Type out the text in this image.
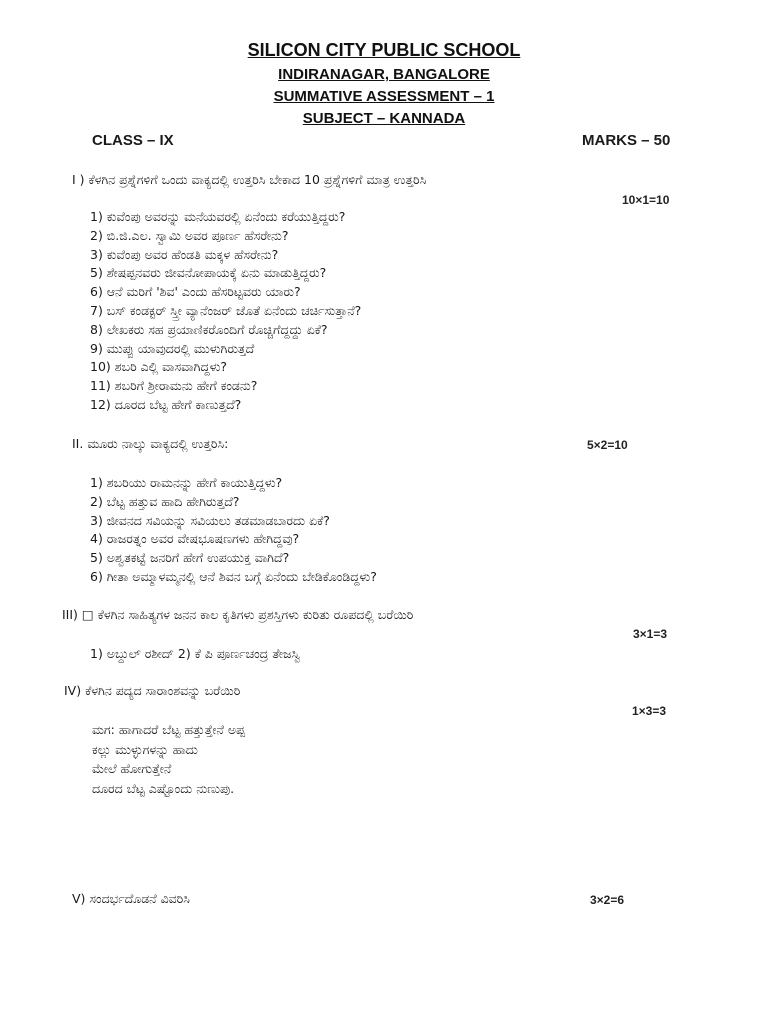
SILICON CITY PUBLIC SCHOOL
INDIRANAGAR, BANGALORE
SUMMATIVE ASSESSMENT – 1
SUBJECT – KANNADA
CLASS – IX	MARKS – 50
I ) ಕೆಳಗಿನ ಪ್ರಶ್ನೆಗಳಿಗೆ ಒಂದು ವಾಕ್ಯದಲ್ಲಿ ಉತ್ತರಿಸಿ ಬೇಕಾದ 10 ಪ್ರಶ್ನೆಗಳಿಗೆ ಮಾತ್ರ ಉತ್ತರಿಸಿ
10×1=10
1) ಕುವೆಂಪು ಅವರನ್ನು ಮನೆಯವರಲ್ಲಿ ಏನೆಂದು ಕರೆಯುತ್ತಿದ್ದರು?
2) ಬಿ.ಜಿ.ಎಲ. ಸ್ವಾಮಿ ಅವರ ಪೂರ್ಣ ಹೆಸರೇನು?
3) ಕುವೆಂಪು ಅವರ ಹೆಂಡತಿ ಮಕ್ಕಳ ಹೆಸರೇನು?
5) ಶೇಷಪ್ಪನವರು ಜೀವನೋಪಾಯಕ್ಕೆ ಏನು ಮಾಡುತ್ತಿದ್ದರು?
6) ಆನೆ ಮರಿಗೆ 'ಶಿವ' ಎಂದು ಹೆಸರಿಟ್ಟವರು ಯಾರು?
7) ಬಸ್ ಕಂಡಕ್ಟರ್ ಸ್ತ್ರೀ ವ್ಯಾನೆಂಜರ್ ಜೊತೆ ಏನೆಂದು ಚರ್ಚಿಸುತ್ತಾನೆ?
8) ಲೇಖಕರು ಸಹ ಪ್ರಯಾಣಿಕರೊಂದಿಗೆ ರೊಚ್ಚಿಗೆದ್ದದ್ದು ಏಕೆ?
9) ಮುಪ್ಪು ಯಾವುದರಲ್ಲಿ ಮುಳುಗಿರುತ್ತದೆ
10) ಶಬರಿ ಎಲ್ಲಿ ವಾಸವಾಗಿದ್ದಳು?
11) ಶಬರಿಗೆ ಶ್ರೀರಾಮನು ಹೇಗೆ ಕಂಡನು?
12) ದೂರದ ಬೆಟ್ಟ ಹೇಗೆ ಕಾಣುತ್ತದೆ?
II. ಮೂರು ನಾಲ್ಕು ವಾಕ್ಯದಲ್ಲಿ ಉತ್ತರಿಸಿ:	5×2=10
1) ಶಬರಿಯು ರಾಮನನ್ನು ಹೇಗೆ ಕಾಯುತ್ತಿದ್ದಳು?
2) ಬೆಟ್ಟ ಹತ್ತುವ ಹಾದಿ ಹೇಗಿರುತ್ತದೆ?
3) ಜೀವನದ ಸವಿಯನ್ನು ಸವಿಯಲು ತಡಮಾಡಬಾರದು ಏಕೆ?
4) ರಾಜರತ್ನಂ ಅವರ ವೇಷಭೂಷಣಗಳು ಹೇಗಿದ್ದವು?
5) ಅಶ್ವತಕಟ್ಟೆ ಜನರಿಗೆ ಹೇಗೆ ಉಪಯುಕ್ತ ವಾಗಿದೆ?
6) ಗೀತಾ ಅಮ್ಮಾಳಮ್ಮನಲ್ಲಿ ಆನೆ ಶಿವನ ಬಗ್ಗೆ ಏನೆಂದು ಬೇಡಿಕೊಂಡಿದ್ದಳು?
III) □ ಕೆಳಗಿನ ಸಾಹಿತ್ಯಗಳ ಜನನ ಕಾಲ ಕೃತಿಗಳು ಪ್ರಶಸ್ತಿಗಳು ಕುರಿತು ರೂಪದಲ್ಲಿ ಬರೆಯಿರಿ
3×1=3
1) ಅಬ್ದುಲ್ ರಶೀದ್ 2) ಕೆ ಪಿ ಪೂರ್ಣಚಂದ್ರ ತೇಜಸ್ವಿ
IV) ಕೆಳಗಿನ ಪದ್ಯದ ಸಾರಾಂಶವನ್ನು ಬರೆಯಿರಿ
1×3=3
ಮಗ: ಹಾಗಾದರೆ ಬೆಟ್ಟ ಹತ್ತುತ್ತೇನೆ ಅಪ್ಪ
ಕಲ್ಲು ಮುಳ್ಳುಗಳನ್ನು ಹಾದು
ಮೇಲೆ ಹೋಗುತ್ತೇನೆ
ದೂರದ ಬೆಟ್ಟ ಎಷ್ಟೊಂದು ನುಣುಪು.
V) ಸಂದರ್ಭದೊಡನೆ ವಿವರಿಸಿ	3×2=6
